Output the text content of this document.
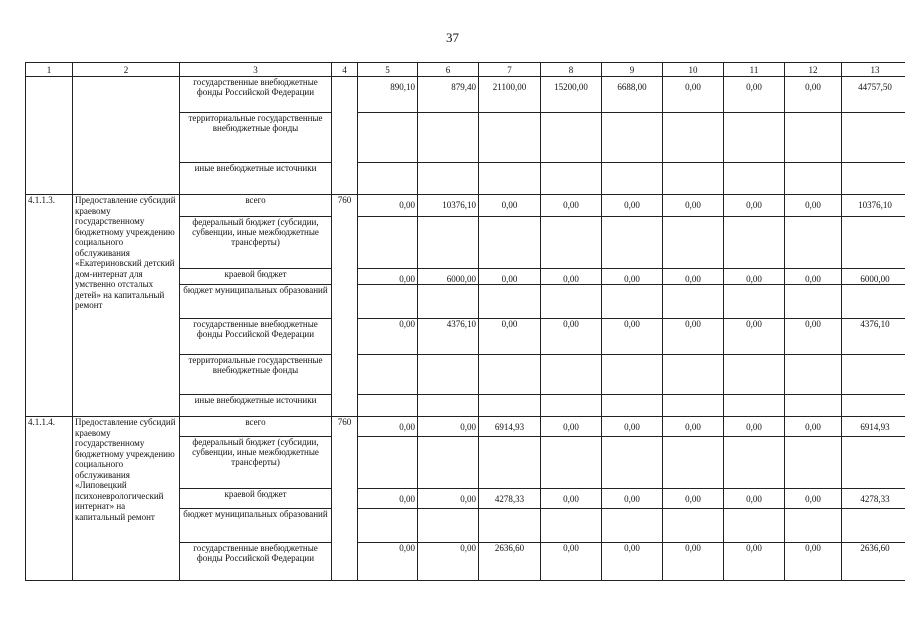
37
1	2	3	4	5	6	7	8	9	10	11	12	13
		государственные внебюджетные фонды Российской Федерации		890,10	879,40	21100,00	15200,00	6688,00	0,00	0,00	0,00	44757,50
		территориальные государственные внебюджетные фонды										
		иные внебюджетные источники										
4.1.1.3.	Предоставление субсидий краевому государственному бюджетному учреждению социального обслуживания «Екатериновский детский дом-интернат для умственно отсталых детей» на капитальный ремонт	всего	760	0,00	10376,10	0,00	0,00	0,00	0,00	0,00	0,00	10376,10
		федеральный бюджет (субсидии, субвенции, иные межбюджетные трансферты)										
		краевой бюджет		0,00	6000,00	0,00	0,00	0,00	0,00	0,00	0,00	6000,00
		бюджет муниципальных образований										
		государственные внебюджетные фонды Российской Федерации		0,00	4376,10	0,00	0,00	0,00	0,00	0,00	0,00	4376,10
		территориальные государственные внебюджетные фонды										
		иные внебюджетные источники										
4.1.1.4.	Предоставление субсидий краевому государственному бюджетному учреждению социального обслуживания «Липовецкий психоневрологический интернат» на капитальный ремонт	всего	760	0,00	0,00	6914,93	0,00	0,00	0,00	0,00	0,00	6914,93
		федеральный бюджет (субсидии, субвенции, иные межбюджетные трансферты)										
		краевой бюджет		0,00	0,00	4278,33	0,00	0,00	0,00	0,00	0,00	4278,33
		бюджет муниципальных образований										
		государственные внебюджетные фонды Российской Федерации		0,00	0,00	2636,60	0,00	0,00	0,00	0,00	0,00	2636,60
